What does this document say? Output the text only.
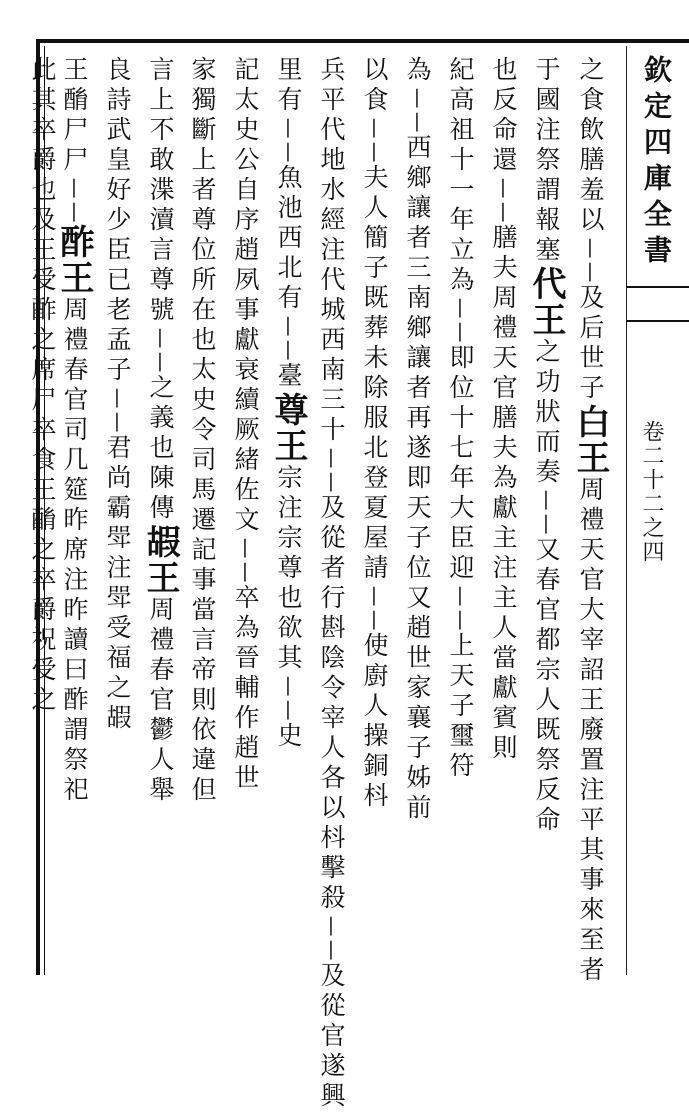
欽定四庫全書
卷二十二之四
之食飲膳羞以||及后世子白王周禮天官大宰詔王廢置注平其事來至者
于國注祭謂報塞代王之功狀而奏||又春官都宗人既祭反命
也反命還||膳夫周禮天官膳夫為獻主注主人當獻賓則
紀高祖十一年立為||即位十七年大臣迎||上天子璽符
為||西鄉讓者三南鄉讓者再遂即天子位又趙世家襄子姊前
以食||夫人簡子既葬未除服北登夏屋請||使廚人操銅枓
兵平代地水經注代城西南三十||及從者行斟陰令宰人各以枓擊殺||及從官遂興
里有||魚池西北有||臺尊王宗注宗尊也欲其||史
記太史公自序趙夙事獻衰續厥緒佐文||卒為晉輔作趙世
家獨斷上者尊位所在也太史令司馬遷記事當言帝則依違但
言上不敢渫瀆言尊號||之義也陳傳嘏王周禮春官鬱人舉
良詩武皇好少臣已老孟子||君尚霸斝注斝受福之嘏
王酳尸尸||酢王周禮春官司几筵昨席注昨讀曰酢謂祭祀
此其卒爵也及王受酢之席尸卒食王酳之卒爵祝受之
